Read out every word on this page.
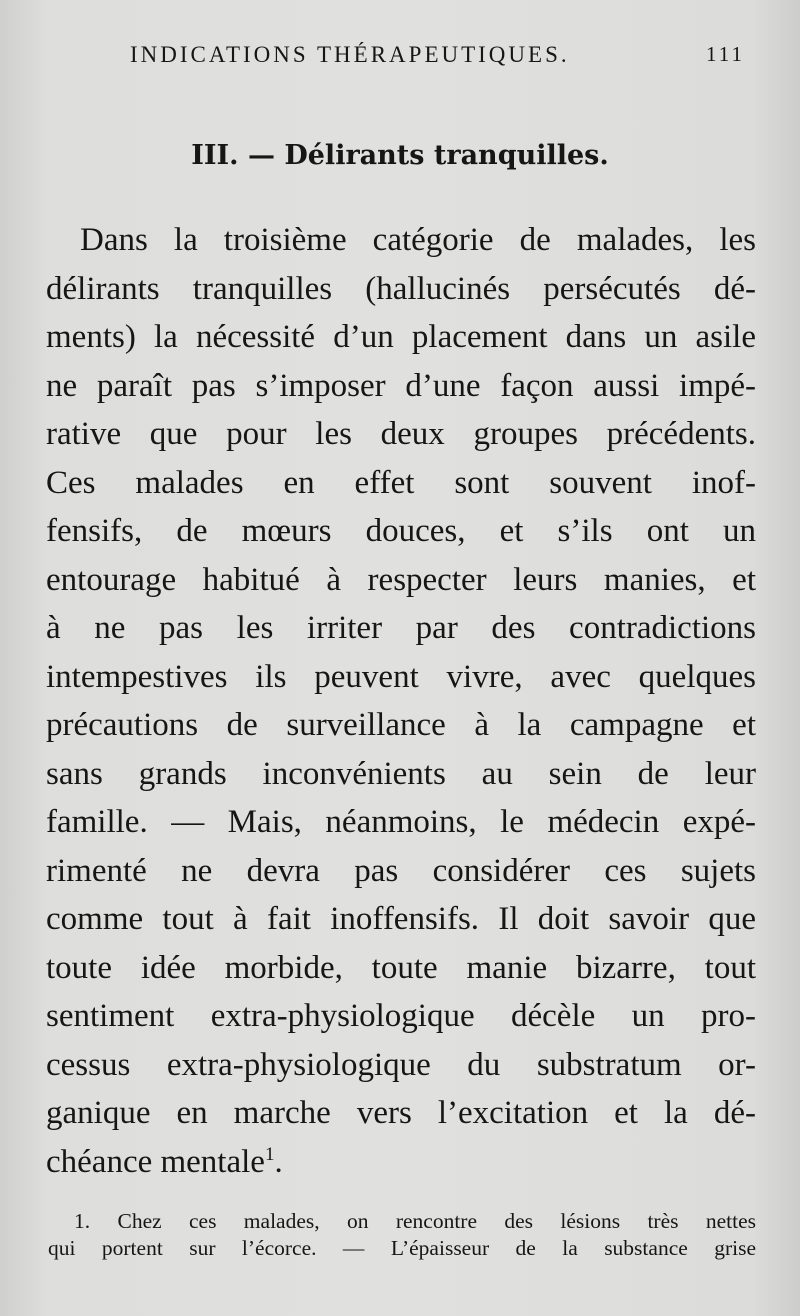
INDICATIONS THÉRAPEUTIQUES.	111
III. — Délirants tranquilles.
Dans la troisième catégorie de malades, les
délirants tranquilles (hallucinés persécutés dé-
ments) la nécessité d’un placement dans un asile
ne paraît pas s’imposer d’une façon aussi impé-
rative que pour les deux groupes précédents.
Ces malades en effet sont souvent inof-
fensifs, de mœurs douces, et s’ils ont un
entourage habitué à respecter leurs manies, et
à ne pas les irriter par des contradictions
intempestives ils peuvent vivre, avec quelques
précautions de surveillance à la campagne et
sans grands inconvénients au sein de leur
famille. — Mais, néanmoins, le médecin expé-
rimenté ne devra pas considérer ces sujets
comme tout à fait inoffensifs. Il doit savoir que
toute idée morbide, toute manie bizarre, tout
sentiment extra-physiologique décèle un pro-
cessus extra-physiologique du substratum or-
ganique en marche vers l’excitation et la dé-
chéance mentale$^1$.
1. Chez ces malades, on rencontre des lésions très nettes
qui portent sur l’écorce. — L’épaisseur de la substance grise
